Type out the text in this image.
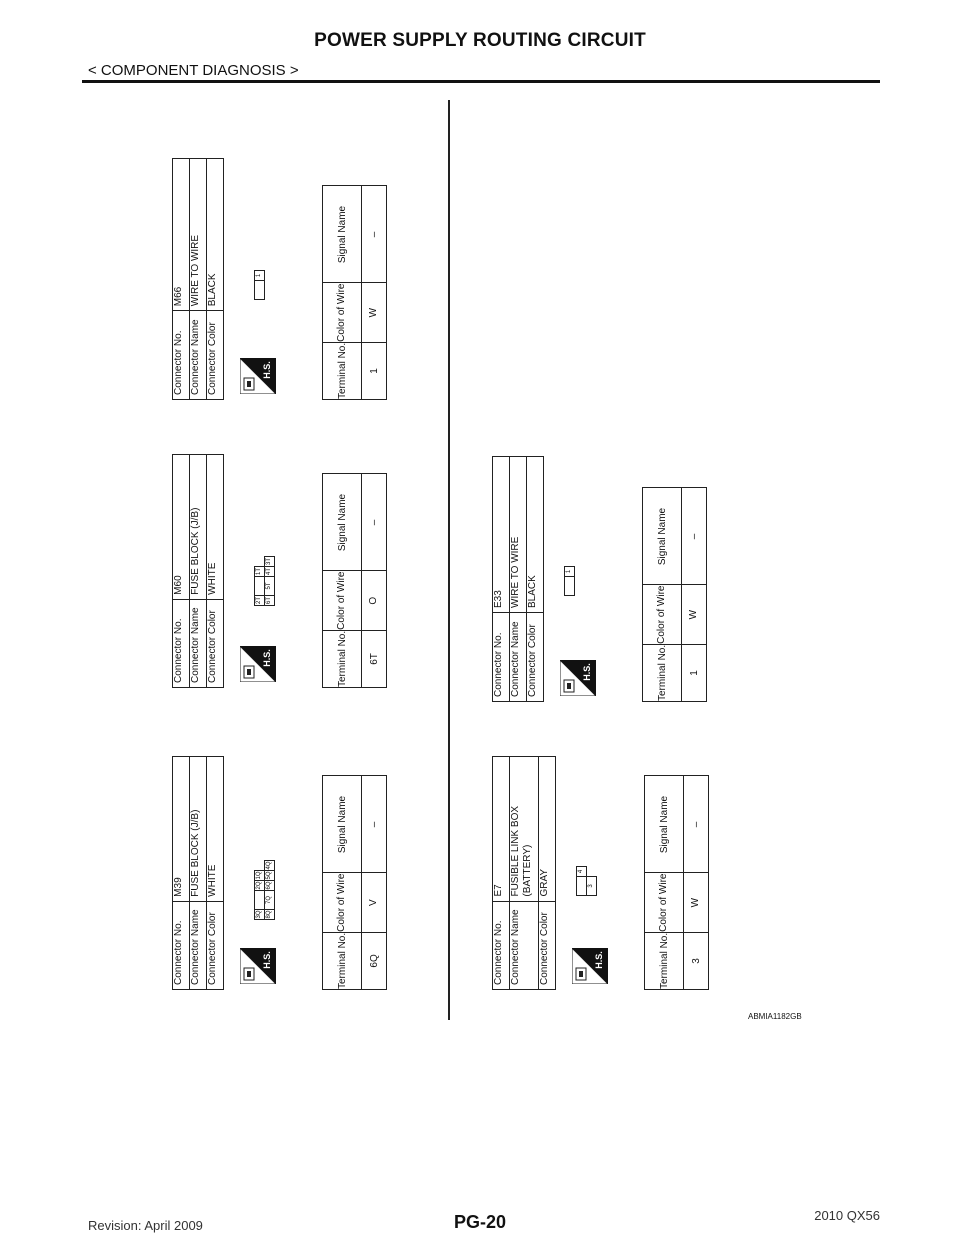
POWER SUPPLY ROUTING CIRCUIT
< COMPONENT DIAGNOSIS >
Connector No.	M39
Connector Name	FUSE BLOCK (J/B)
Connector Color	WHITE
H.S.
3Q		2Q	1Q	
8Q	7Q	6Q	5Q	4Q
Terminal No.	Color of Wire	Signal Name
6Q	V	–
Connector No.	M60
Connector Name	FUSE BLOCK (J/B)
Connector Color	WHITE
H.S.
2T		1T	
6T	5T	4T	3T
Terminal No.	Color of Wire	Signal Name
6T	O	–
Connector No.	M66
Connector Name	WIRE TO WIRE
Connector Color	BLACK
H.S.
	1
Terminal No.	Color of Wire	Signal Name
1	W	–
Connector No.	E7
Connector Name	FUSIBLE LINK BOX (BATTERY)
Connector Color	GRAY
H.S.
	4
3
Terminal No.	Color of Wire	Signal Name
3	W	–
Connector No.	E33
Connector Name	WIRE TO WIRE
Connector Color	BLACK
H.S.
	1
Terminal No.	Color of Wire	Signal Name
1	W	–
ABMIA1182GB
Revision: April 2009	PG-20	2010 QX56
